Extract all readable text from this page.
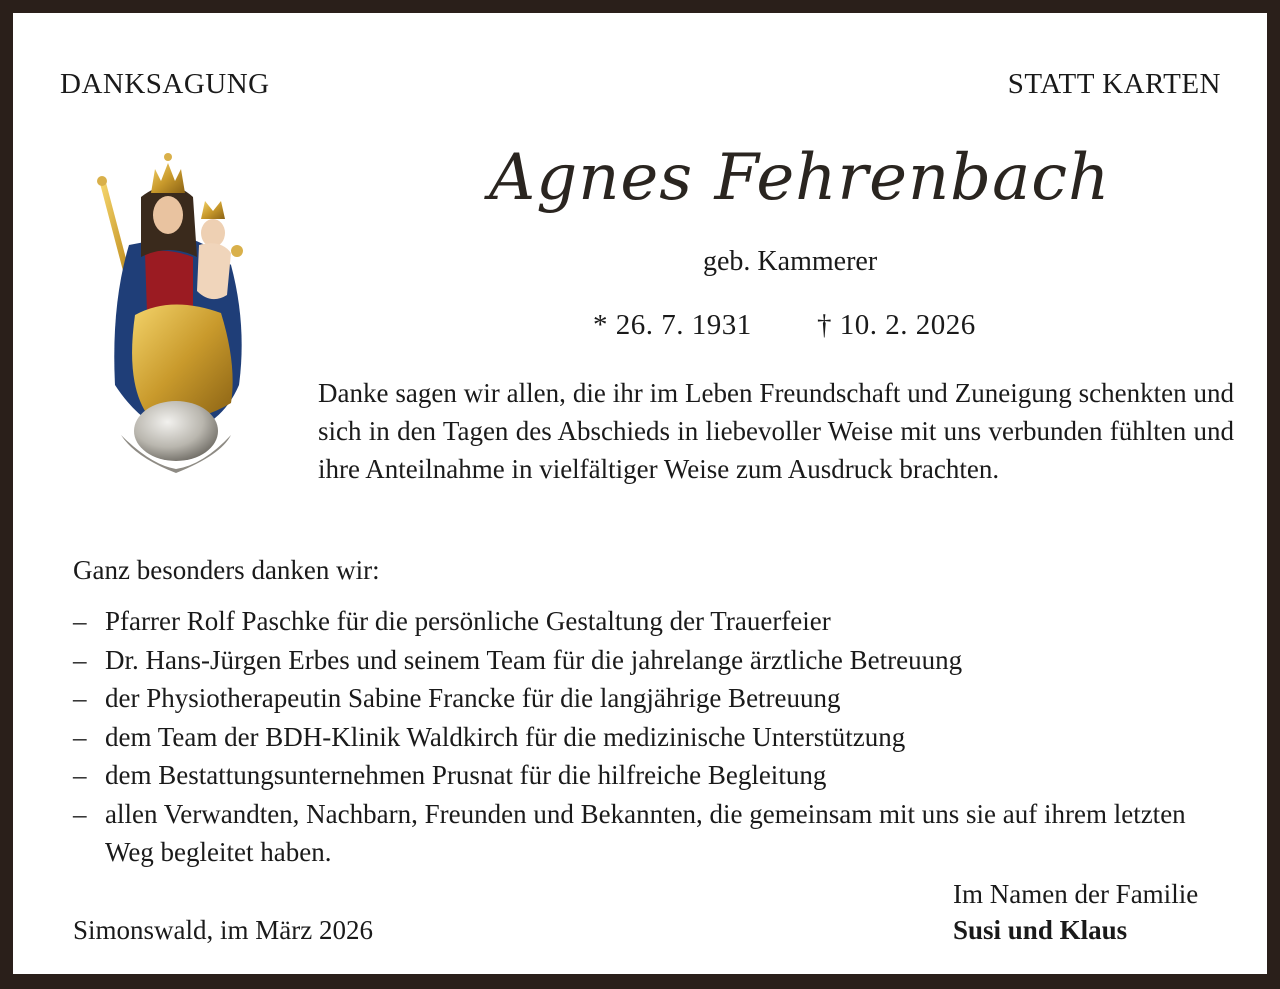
DANKSAGUNG	STATT KARTEN
Agnes Fehrenbach
geb. Kammerer
* 26. 7. 1931 † 10. 2. 2026
Danke sagen wir allen, die ihr im Leben Freundschaft und Zuneigung schenkten und sich in den Tagen des Abschieds in liebevoller Weise mit uns verbunden fühlten und ihre Anteilnahme in vielfältiger Weise zum Ausdruck brachten.
Ganz besonders danken wir:
– Pfarrer Rolf Paschke für die persönliche Gestaltung der Trauerfeier
– Dr. Hans-Jürgen Erbes und seinem Team für die jahrelange ärztliche Betreuung
– der Physiotherapeutin Sabine Francke für die langjährige Betreuung
– dem Team der BDH-Klinik Waldkirch für die medizinische Unterstützung
– dem Bestattungsunternehmen Prusnat für die hilfreiche Begleitung
– allen Verwandten, Nachbarn, Freunden und Bekannten, die gemeinsam mit uns sie auf ihrem letzten Weg begleitet haben.
Simonswald, im März 2026
Im Namen der Familie
Susi und Klaus
